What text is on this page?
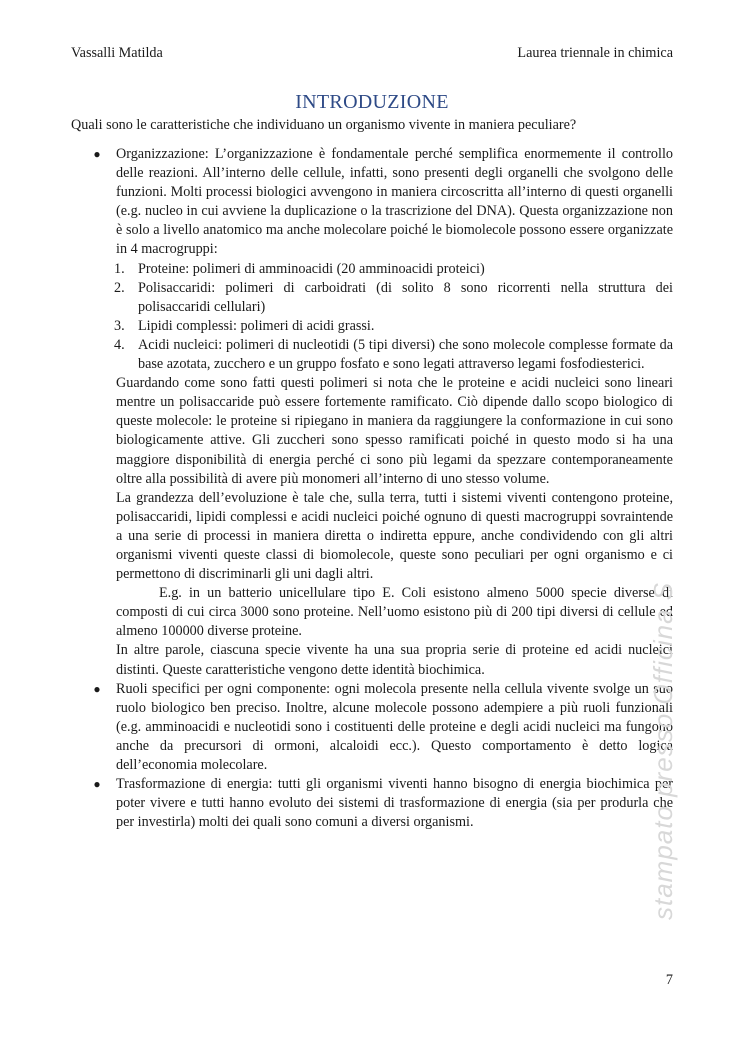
Vassalli Matilda	Laurea triennale in chimica
INTRODUZIONE
Quali sono le caratteristiche che individuano un organismo vivente in maniera peculiare?
● Organizzazione: L’organizzazione è fondamentale perché semplifica enormemente il controllo delle reazioni. All’interno delle cellule, infatti, sono presenti degli organelli che svolgono delle funzioni. Molti processi biologici avvengono in maniera circoscritta all’interno di questi organelli (e.g. nucleo in cui avviene la duplicazione o la trascrizione del DNA). Questa organizzazione non è solo a livello anatomico ma anche molecolare poiché le biomolecole possono essere organizzate in 4 macrogruppi:
1. Proteine: polimeri di amminoacidi (20 amminoacidi proteici)
2. Polisaccaridi: polimeri di carboidrati (di solito 8 sono ricorrenti nella struttura dei polisaccaridi cellulari)
3. Lipidi complessi: polimeri di acidi grassi.
4. Acidi nucleici: polimeri di nucleotidi (5 tipi diversi) che sono molecole complesse formate da base azotata, zucchero e un gruppo fosfato e sono legati attraverso legami fosfodiesterici.
Guardando come sono fatti questi polimeri si nota che le proteine e acidi nucleici sono lineari mentre un polisaccaride può essere fortemente ramificato. Ciò dipende dallo scopo biologico di queste molecole: le proteine si ripiegano in maniera da raggiungere la conformazione in cui sono biologicamente attive. Gli zuccheri sono spesso ramificati poiché in questo modo si ha una maggiore disponibilità di energia perché ci sono più legami da spezzare contemporaneamente oltre alla possibilità di avere più monomeri all’interno di uno stesso volume.
La grandezza dell’evoluzione è tale che, sulla terra, tutti i sistemi viventi contengono proteine, polisaccaridi, lipidi complessi e acidi nucleici poiché ognuno di questi macrogruppi sovraintende a una serie di processi in maniera diretta o indiretta eppure, anche condividendo con gli altri organismi viventi queste classi di biomolecole, queste sono peculiari per ogni organismo e ci permettono di discriminarli gli uni dagli altri.
E.g. in un batterio unicellulare tipo E. Coli esistono almeno 5000 specie diverse di composti di cui circa 3000 sono proteine. Nell’uomo esistono più di 200 tipi diversi di cellule ed almeno 100000 diverse proteine.
In altre parole, ciascuna specie vivente ha una sua propria serie di proteine ed acidi nucleici distinti. Queste caratteristiche vengono dette identità biochimica.
● Ruoli specifici per ogni componente: ogni molecola presente nella cellula vivente svolge un suo ruolo biologico ben preciso. Inoltre, alcune molecole possono adempiere a più ruoli funzionali (e.g. amminoacidi e nucleotidi sono i costituenti delle proteine e degli acidi nucleici ma fungono anche da precursori di ormoni, alcaloidi ecc.). Questo comportamento è detto logica dell’economia molecolare.
● Trasformazione di energia: tutti gli organismi viventi hanno bisogno di energia biochimica per poter vivere e tutti hanno evoluto dei sistemi di trasformazione di energia (sia per produrla che per investirla) molti dei quali sono comuni a diversi organismi.	stampato presso Officina S
7
